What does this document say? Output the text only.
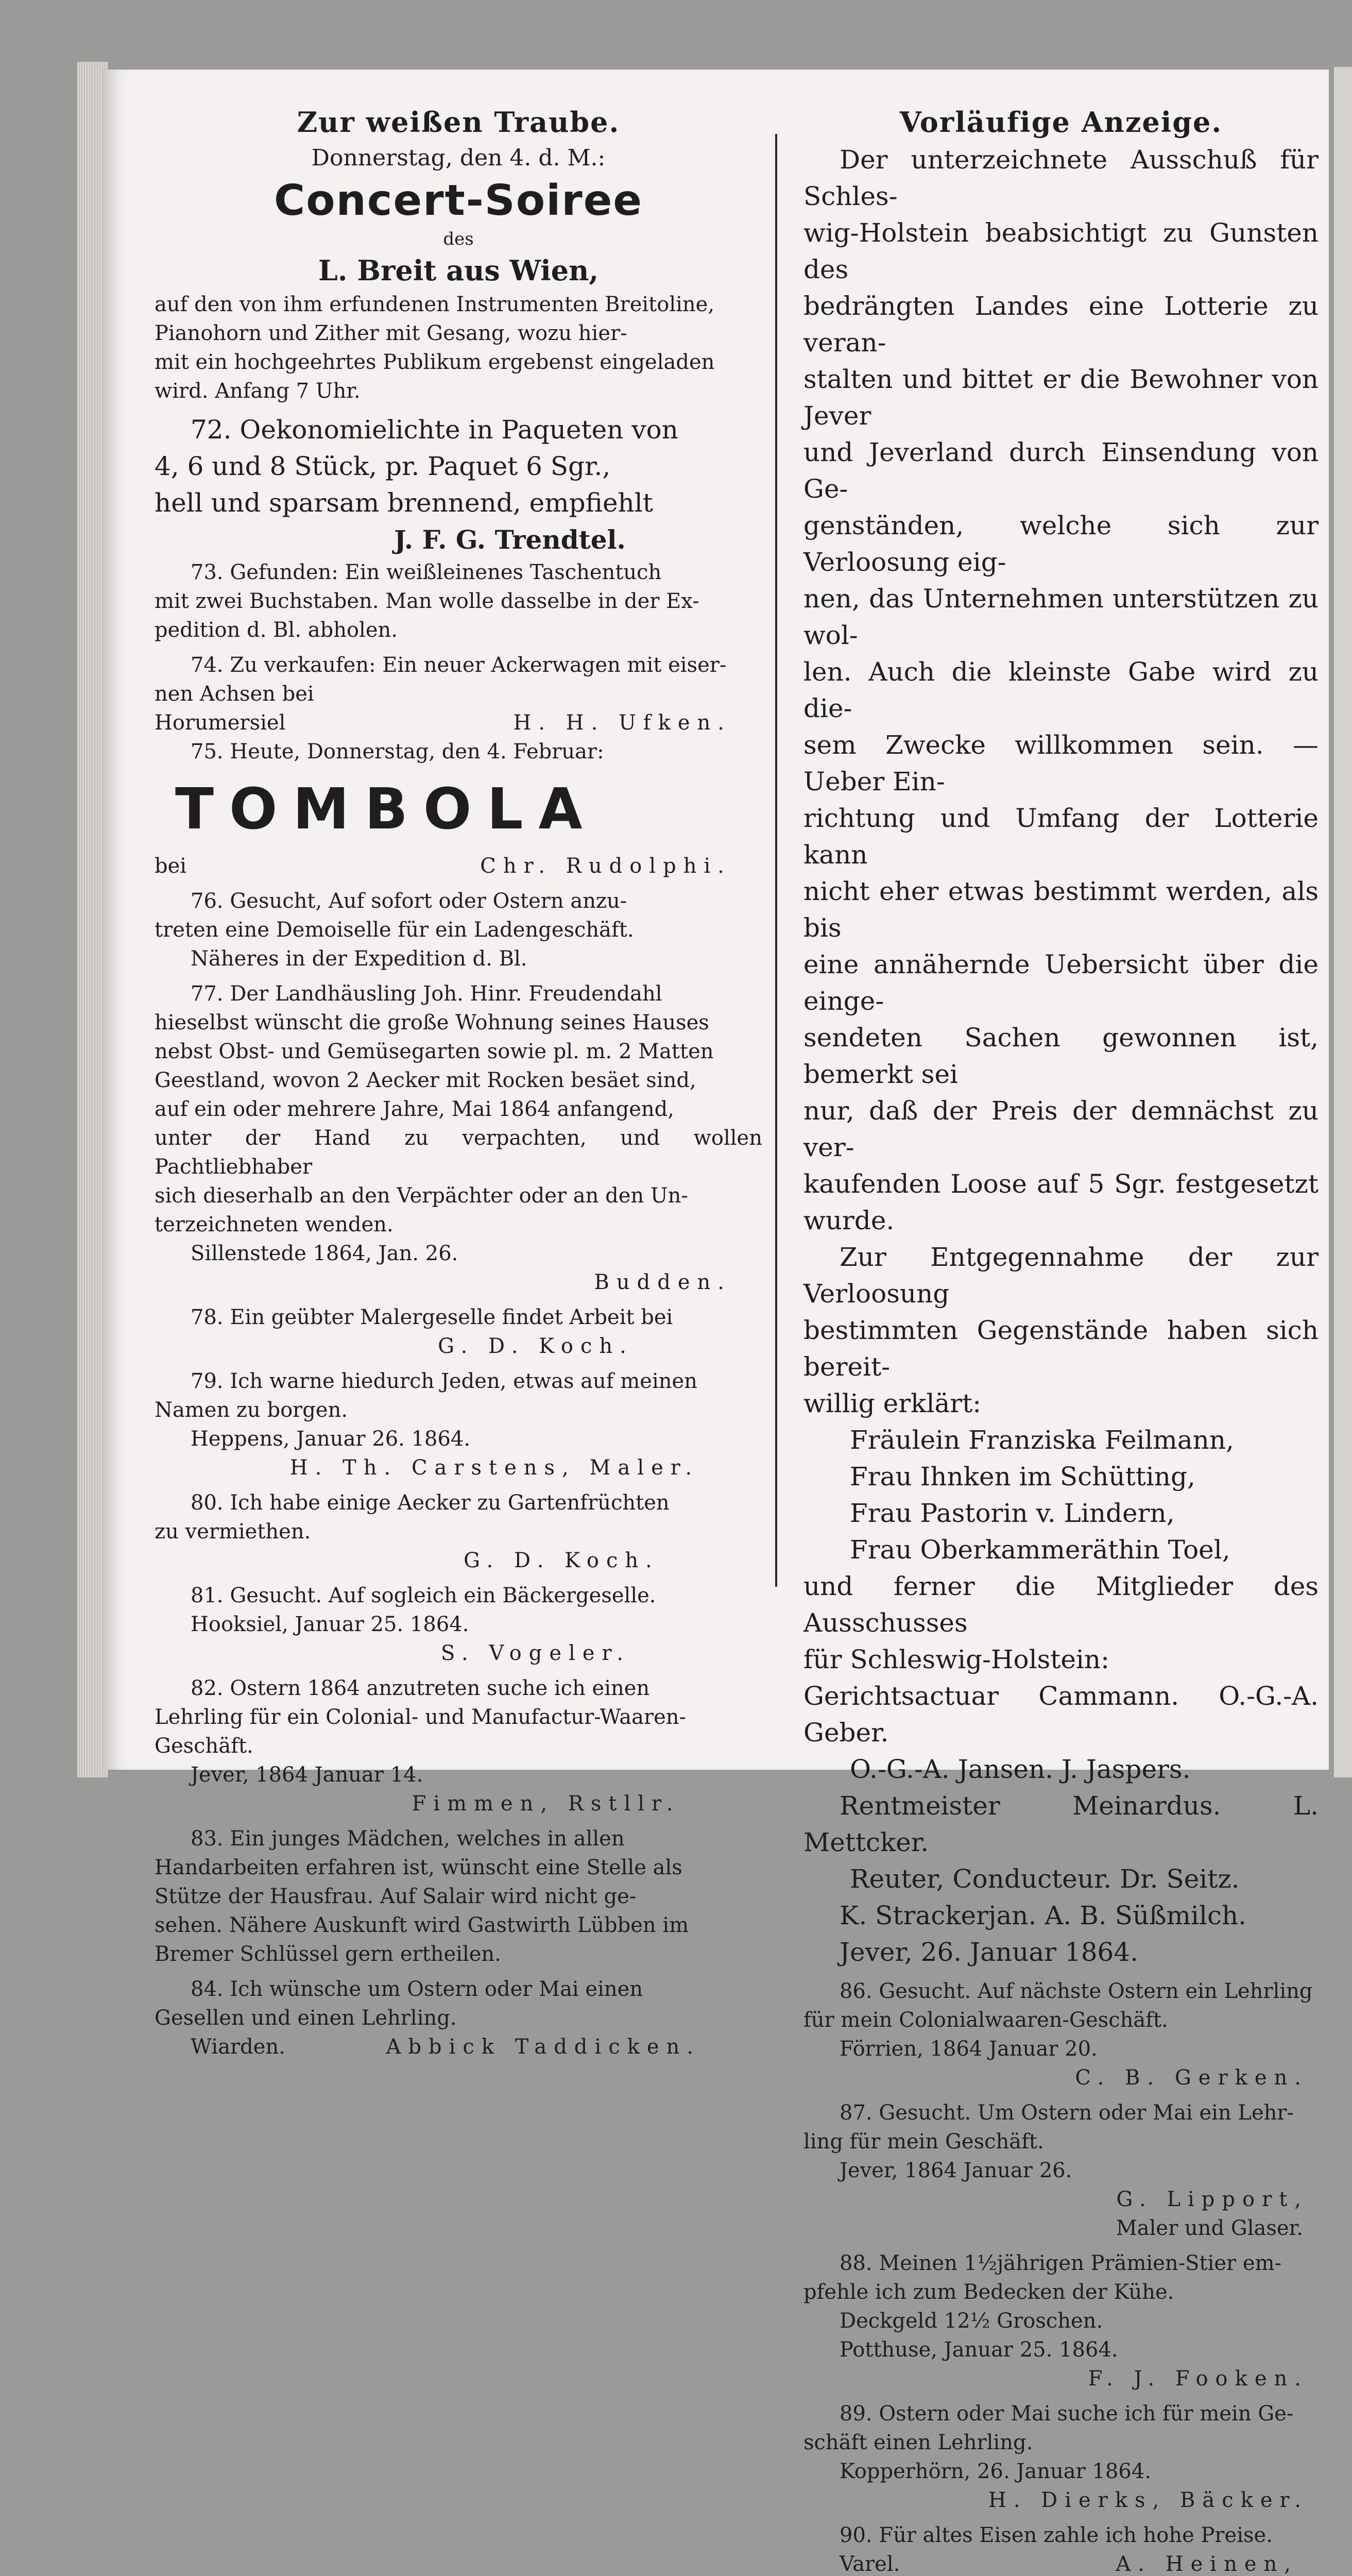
Zur weißen Traube.
Donnerstag, den 4. d. M.:
Concert-Soiree
des
L. Breit aus Wien,
auf den von ihm erfundenen Instrumenten Breitoline,
Pianohorn und Zither mit Gesang, wozu hier-
mit ein hochgeehrtes Publikum ergebenst eingeladen
wird. Anfang 7 Uhr.
72. Oekonomielichte in Paqueten von
4, 6 und 8 Stück, pr. Paquet 6 Sgr.,
hell und sparsam brennend, empfiehlt
J. F. G. Trendtel.
73. Gefunden: Ein weißleinenes Taschentuch
mit zwei Buchstaben. Man wolle dasselbe in der Ex-
pedition d. Bl. abholen.
74. Zu verkaufen: Ein neuer Ackerwagen mit eiser-
nen Achsen bei
Horumersiel	H. H. Ufken.
75. Heute, Donnerstag, den 4. Februar:
TOMBOLA
bei	Chr. Rudolphi.
76. Gesucht, Auf sofort oder Ostern anzu-
treten eine Demoiselle für ein Ladengeschäft.
Näheres in der Expedition d. Bl.
77. Der Landhäusling Joh. Hinr. Freudendahl
hieselbst wünscht die große Wohnung seines Hauses
nebst Obst- und Gemüsegarten sowie pl. m. 2 Matten
Geestland, wovon 2 Aecker mit Rocken besäet sind,
auf ein oder mehrere Jahre, Mai 1864 anfangend,
unter der Hand zu verpachten, und wollen Pachtliebhaber
sich dieserhalb an den Verpächter oder an den Un-
terzeichneten wenden.
Sillenstede 1864, Jan. 26.
Budden.
78. Ein geübter Malergeselle findet Arbeit bei
G. D. Koch.
79. Ich warne hiedurch Jeden, etwas auf meinen
Namen zu borgen.
Heppens, Januar 26. 1864.
H. Th. Carstens, Maler.
80. Ich habe einige Aecker zu Gartenfrüchten
zu vermiethen.
G. D. Koch.
81. Gesucht. Auf sogleich ein Bäckergeselle.
Hooksiel, Januar 25. 1864.
S. Vogeler.
82. Ostern 1864 anzutreten suche ich einen
Lehrling für ein Colonial- und Manufactur-Waaren-
Geschäft.
Jever, 1864 Januar 14.
Fimmen, Rstllr.
83. Ein junges Mädchen, welches in allen
Handarbeiten erfahren ist, wünscht eine Stelle als
Stütze der Hausfrau. Auf Salair wird nicht ge-
sehen. Nähere Auskunft wird Gastwirth Lübben im
Bremer Schlüssel gern ertheilen.
84. Ich wünsche um Ostern oder Mai einen
Gesellen und einen Lehrling.
Wiarden.	Abbick Taddicken.
Vorläufige Anzeige.
Der unterzeichnete Ausschuß für Schles-
wig-Holstein beabsichtigt zu Gunsten des
bedrängten Landes eine Lotterie zu veran-
stalten und bittet er die Bewohner von Jever
und Jeverland durch Einsendung von Ge-
genständen, welche sich zur Verloosung eig-
nen, das Unternehmen unterstützen zu wol-
len. Auch die kleinste Gabe wird zu die-
sem Zwecke willkommen sein. — Ueber Ein-
richtung und Umfang der Lotterie kann
nicht eher etwas bestimmt werden, als bis
eine annähernde Uebersicht über die einge-
sendeten Sachen gewonnen ist, bemerkt sei
nur, daß der Preis der demnächst zu ver-
kaufenden Loose auf 5 Sgr. festgesetzt wurde.
Zur Entgegennahme der zur Verloosung
bestimmten Gegenstände haben sich bereit-
willig erklärt:
Fräulein Franziska Feilmann,
Frau Ihnken im Schütting,
Frau Pastorin v. Lindern,
Frau Oberkammeräthin Toel,
und ferner die Mitglieder des Ausschusses
für Schleswig-Holstein:
Gerichtsactuar Cammann. O.-G.-A. Geber.
O.-G.-A. Jansen. J. Jaspers.
Rentmeister Meinardus. L. Mettcker.
Reuter, Conducteur. Dr. Seitz.
K. Strackerjan. A. B. Süßmilch.
Jever, 26. Januar 1864.
86. Gesucht. Auf nächste Ostern ein Lehrling
für mein Colonialwaaren-Geschäft.
Förrien, 1864 Januar 20.
C. B. Gerken.
87. Gesucht. Um Ostern oder Mai ein Lehr-
ling für mein Geschäft.
Jever, 1864 Januar 26.
G. Lipport,
Maler und Glaser.
88. Meinen 1½jährigen Prämien-Stier em-
pfehle ich zum Bedecken der Kühe.
Deckgeld 12½ Groschen.
Potthuse, Januar 25. 1864.
F. J. Fooken.
89. Ostern oder Mai suche ich für mein Ge-
schäft einen Lehrling.
Kopperhörn, 26. Januar 1864.
H. Dierks, Bäcker.
90. Für altes Eisen zahle ich hohe Preise.
Varel.	A. Heinen,
